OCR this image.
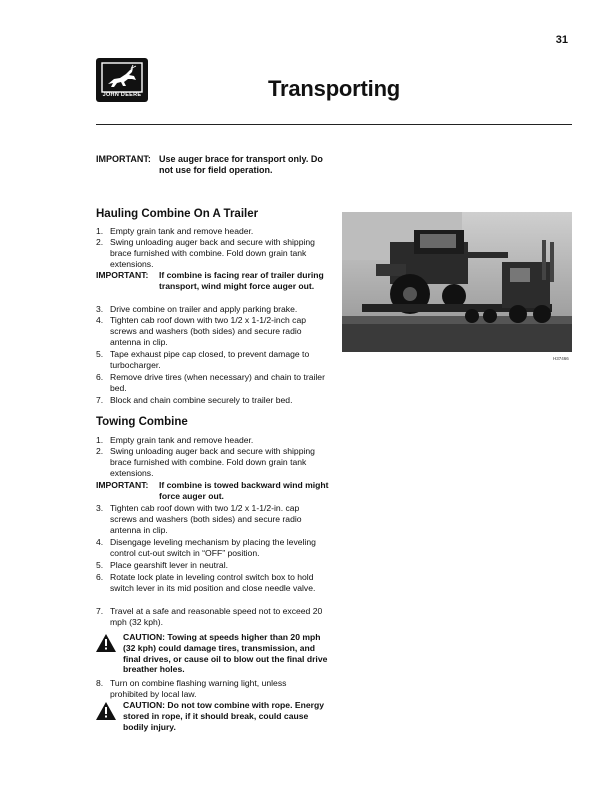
31
JOHN DEERE	Transporting
IMPORTANT: Use auger brace for transport only. Do not use for field operation.
Hauling Combine On A Trailer
1. Empty grain tank and remove header.
2. Swing unloading auger back and secure with shipping brace furnished with combine. Fold down grain tank extensions.
IMPORTANT: If combine is facing rear of trailer during transport, wind might force auger out.
3. Drive combine on trailer and apply parking brake.
4. Tighten cab roof down with two 1/2 x 1-1/2-inch cap screws and washers (both sides) and secure radio antenna in clip.
5. Tape exhaust pipe cap closed, to prevent damage to turbocharger.
6. Remove drive tires (when necessary) and chain to trailer bed.
7. Block and chain combine securely to trailer bed.
Towing Combine
1. Empty grain tank and remove header.
2. Swing unloading auger back and secure with shipping brace furnished with combine. Fold down grain tank extensions.
IMPORTANT: If combine is towed backward wind might force auger out.
3. Tighten cab roof down with two 1/2 x 1-1/2-in. cap screws and washers (both sides) and secure radio antenna in clip.
4. Disengage leveling mechanism by placing the leveling control cut-out switch in “OFF” position.
5. Place gearshift lever in neutral.
6. Rotate lock plate in leveling control switch box to hold switch lever in its mid position and close needle valve.
7. Travel at a safe and reasonable speed not to exceed 20 mph (32 kph).
CAUTION: Towing at speeds higher than 20 mph (32 kph) could damage tires, transmission, and final drives, or cause oil to blow out the final drive breather holes.
8. Turn on combine flashing warning light, unless prohibited by local law.
CAUTION: Do not tow combine with rope. Energy stored in rope, if it should break, could cause bodily injury.
H37466
